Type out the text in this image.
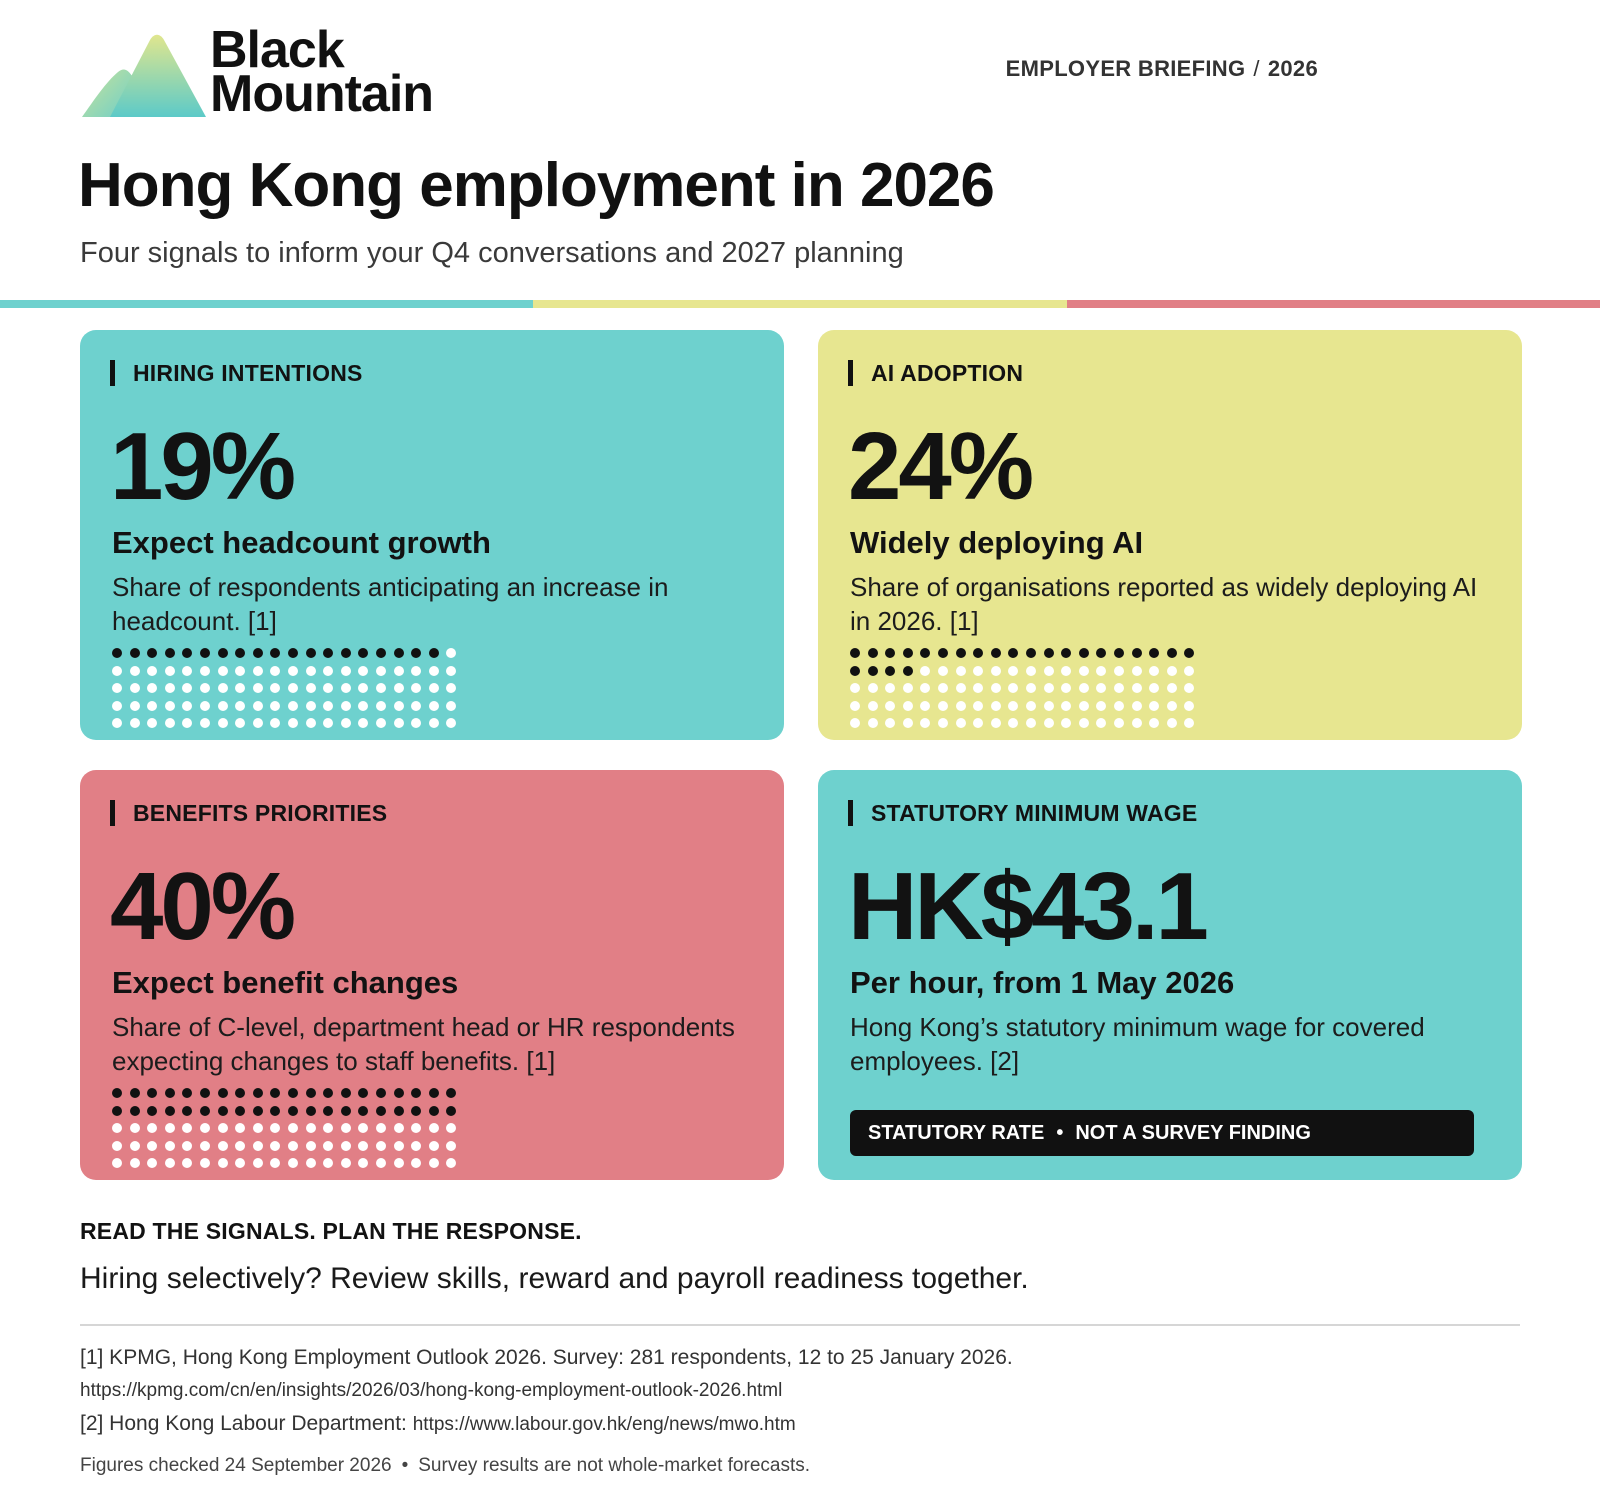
Black
Mountain	EMPLOYER BRIEFING / 2026
Hong Kong employment in 2026
Four signals to inform your Q4 conversations and 2027 planning
HIRING INTENTIONS
19%
Expect headcount growth
Share of respondents anticipating an increase in headcount. [1]
AI ADOPTION
24%
Widely deploying AI
Share of organisations reported as widely deploying AI in 2026. [1]
BENEFITS PRIORITIES
40%
Expect benefit changes
Share of C-level, department head or HR respondents expecting changes to staff benefits. [1]
STATUTORY MINIMUM WAGE
HK$43.1
Per hour, from 1 May 2026
Hong Kong’s statutory minimum wage for covered employees. [2]
STATUTORY RATE • NOT A SURVEY FINDING
READ THE SIGNALS. PLAN THE RESPONSE.
Hiring selectively? Review skills, reward and payroll readiness together.
[1] KPMG, Hong Kong Employment Outlook 2026. Survey: 281 respondents, 12 to 25 January 2026.
https://kpmg.com/cn/en/insights/2026/03/hong-kong-employment-outlook-2026.html
[2] Hong Kong Labour Department: https://www.labour.gov.hk/eng/news/mwo.htm
Figures checked 24 September 2026 • Survey results are not whole-market forecasts.
